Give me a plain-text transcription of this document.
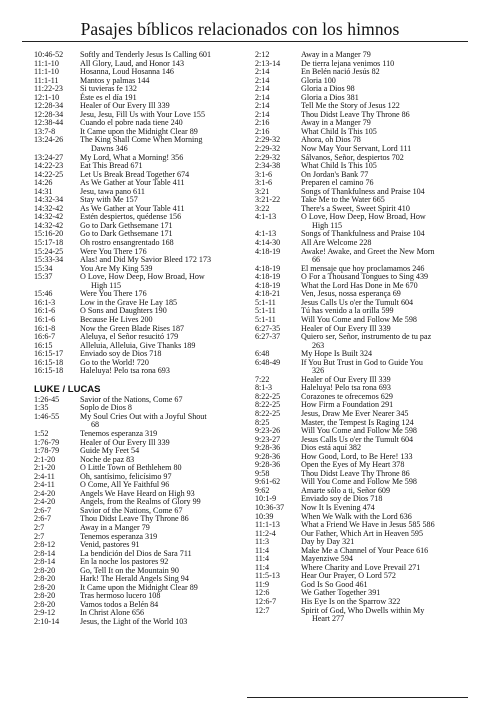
Pasajes bíblicos relacionados con los himnos
10:46-52	Softly and Tenderly Jesus Is Calling 601
11:1-10	All Glory, Laud, and Honor 143
11:1-10	Hosanna, Loud Hosanna 146
11:1-11	Mantos y palmas 144
11:22-23	Si tuvieras fe 132
12:1-10	Éste es el día 191
12:28-34	Healer of Our Every Ill 339
12:28-34	Jesu, Jesu, Fill Us with Your Love 155
12:38-44	Cuando el pobre nada tiene 240
13:7-8	It Came upon the Midnight Clear 89
13:24-26	The King Shall Come When Morning
Dawns 346
13:24-27	My Lord, What a Morning! 356
14:22-23	Eat This Bread 671
14:22-25	Let Us Break Bread Together 674
14:26	As We Gather at Your Table 411
14:31	Jesu, tawa pano 611
14:32-34	Stay with Me 157
14:32-42	As We Gather at Your Table 411
14:32-42	Estén despiertos, quédense 156
14:32-42	Go to Dark Gethsemane 171
15:16-20	Go to Dark Gethsemane 171
15:17-18	Oh rostro ensangrentado 168
15:24-25	Were You There 176
15:33-34	Alas! and Did My Savior Bleed 172 173
15:34	You Are My King 539
15:37	O Love, How Deep, How Broad, How
High 115
15:46	Were You There 176
16:1-3	Low in the Grave He Lay 185
16:1-6	O Sons and Daughters 190
16:1-6	Because He Lives 200
16:1-8	Now the Green Blade Rises 187
16:6-7	Aleluya, el Señor resucitó 179
16:15	Alleluia, Alleluia, Give Thanks 189
16:15-17	Enviado soy de Dios 718
16:15-18	Go to the World! 720
16:15-18	Haleluya! Pelo tsa rona 693
LUKE / LUCAS
1:26-45	Savior of the Nations, Come 67
1:35	Soplo de Dios 8
1:46-55	My Soul Cries Out with a Joyful Shout
68
1:52	Tenemos esperanza 319
1:76-79	Healer of Our Every Ill 339
1:78-79	Guide My Feet 54
2:1-20	Noche de paz 83
2:1-20	O Little Town of Bethlehem 80
2:4-11	Oh, santísimo, felicísimo 97
2:4-11	O Come, All Ye Faithful 96
2:4-20	Angels We Have Heard on High 93
2:4-20	Angels, from the Realms of Glory 99
2:6-7	Savior of the Nations, Come 67
2:6-7	Thou Didst Leave Thy Throne 86
2:7	Away in a Manger 79
2:7	Tenemos esperanza 319
2:8-12	Venid, pastores 91
2:8-14	La bendición del Dios de Sara 711
2:8-14	En la noche los pastores 92
2:8-20	Go, Tell It on the Mountain 90
2:8-20	Hark! The Herald Angels Sing 94
2:8-20	It Came upon the Midnight Clear 89
2:8-20	Tras hermoso lucero 108
2:8-20	Vamos todos a Belén 84
2:9-12	In Christ Alone 656
2:10-14	Jesus, the Light of the World 103
2:12	Away in a Manger 79
2:13-14	De tierra lejana venimos 110
2:14	En Belén nació Jesús 82
2:14	Gloria 100
2:14	Gloria a Dios 98
2:14	Gloria a Dios 381
2:14	Tell Me the Story of Jesus 122
2:14	Thou Didst Leave Thy Throne 86
2:16	Away in a Manger 79
2:16	What Child Is This 105
2:29-32	Ahora, oh Dios 78
2:29-32	Now May Your Servant, Lord 111
2:29-32	Sálvanos, Señor, despiertos 702
2:34-38	What Child Is This 105
3:1-6	On Jordan's Bank 77
3:1-6	Preparen el camino 76
3:21	Songs of Thankfulness and Praise 104
3:21-22	Take Me to the Water 665
3:22	There's a Sweet, Sweet Spirit 410
4:1-13	O Love, How Deep, How Broad, How
High 115
4:1-13	Songs of Thankfulness and Praise 104
4:14-30	All Are Welcome 228
4:18-19	Awake! Awake, and Greet the New Morn
66
4:18-19	El mensaje que hoy proclamamos 246
4:18-19	O For a Thousand Tongues to Sing 439
4:18-19	What the Lord Has Done in Me 670
4:18-21	Ven, Jesus, nossa esperança 69
5:1-11	Jesus Calls Us o'er the Tumult 604
5:1-11	Tú has venido a la orilla 599
5:1-11	Will You Come and Follow Me 598
6:27-35	Healer of Our Every Ill 339
6:27-37	Quiero ser, Señor, instrumento de tu paz
263
6:48	My Hope Is Built 324
6:48-49	If You But Trust in God to Guide You
326
7:22	Healer of Our Every Ill 339
8:1-3	Haleluya! Pelo tsa rona 693
8:22-25	Corazones te ofrecemos 629
8:22-25	How Firm a Foundation 291
8:22-25	Jesus, Draw Me Ever Nearer 345
8:25	Master, the Tempest Is Raging 124
9:23-26	Will You Come and Follow Me 598
9:23-27	Jesus Calls Us o'er the Tumult 604
9:28-36	Dios está aquí 382
9:28-36	How Good, Lord, to Be Here! 133
9:28-36	Open the Eyes of My Heart 378
9:58	Thou Didst Leave Thy Throne 86
9:61-62	Will You Come and Follow Me 598
9:62	Amarte sólo a ti, Señor 609
10:1-9	Enviado soy de Dios 718
10:36-37	Now It Is Evening 474
10:39	When We Walk with the Lord 636
11:1-13	What a Friend We Have in Jesus 585 586
11:2-4	Our Father, Which Art in Heaven 595
11:3	Day by Day 321
11:4	Make Me a Channel of Your Peace 616
11:4	Mayenziwe 594
11:4	Where Charity and Love Prevail 271
11:5-13	Hear Our Prayer, O Lord 572
11:9	God Is So Good 461
12:6	We Gather Together 391
12:6-7	His Eye Is on the Sparrow 322
12:7	Spirit of God, Who Dwells within My
Heart 277
